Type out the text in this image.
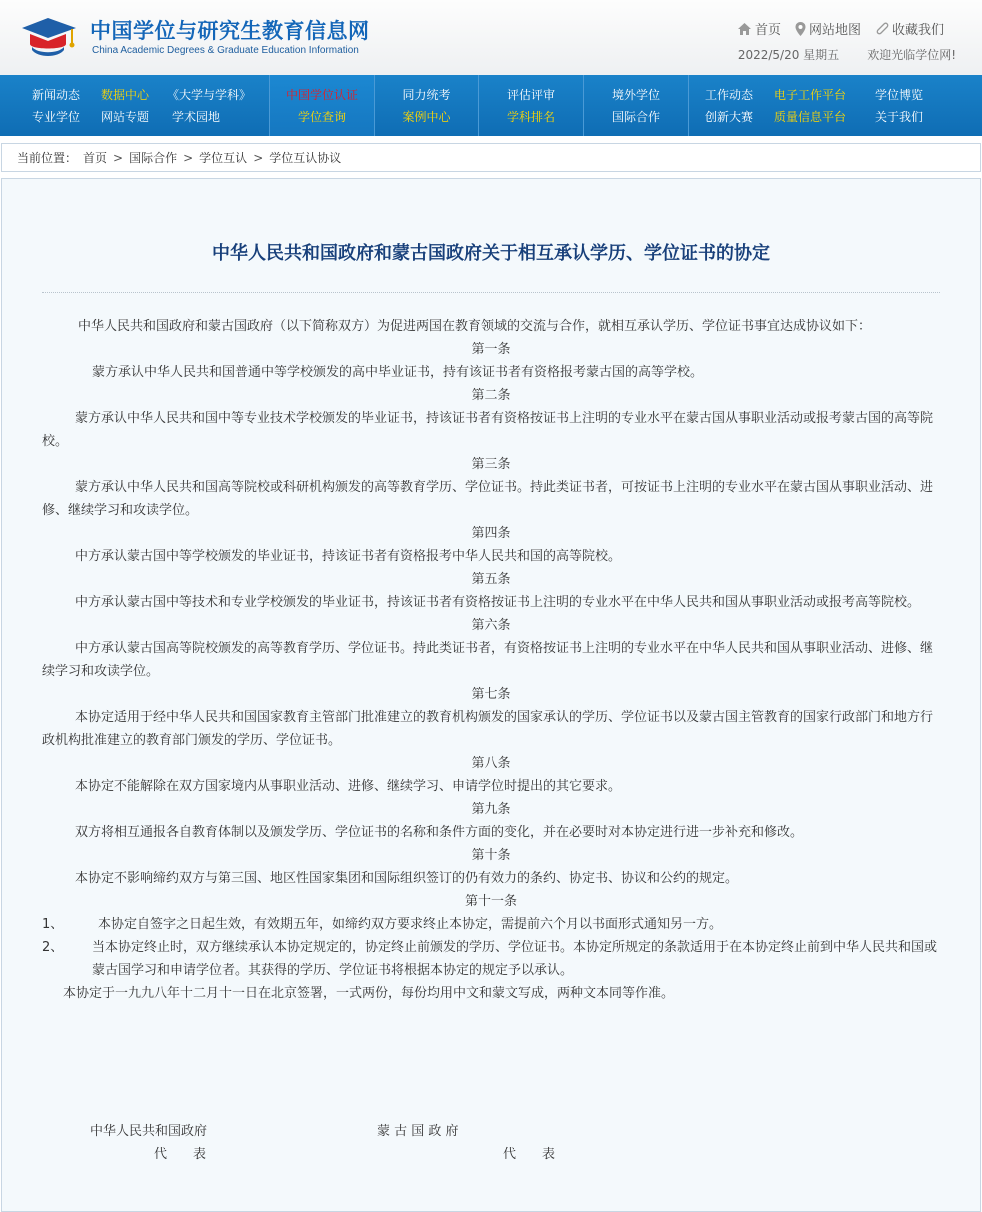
中国学位与研究生教育信息网
China Academic Degrees & Graduate Education Information
首页 网站地图 收藏我们
2022/5/20 星期五 欢迎光临学位网!
新闻动态	数据中心	《大学与学科》
专业学位	网站专题	学术园地
中国学位认证
学位查询
同力统考
案例中心
评估评审
学科排名
境外学位
国际合作
工作动态	电子工作平台	学位博览
创新大赛	质量信息平台	关于我们
当前位置： 首页 > 国际合作 > 学位互认 > 学位互认协议
中华人民共和国政府和蒙古国政府关于相互承认学历、学位证书的协定
中华人民共和国政府和蒙古国政府（以下简称双方）为促进两国在教育领域的交流与合作，就相互承认学历、学位证书事宜达成协议如下：
第一条
蒙方承认中华人民共和国普通中等学校颁发的高中毕业证书，持有该证书者有资格报考蒙古国的高等学校。
第二条
蒙方承认中华人民共和国中等专业技术学校颁发的毕业证书，持该证书者有资格按证书上注明的专业水平在蒙古国从事职业活动或报考蒙古国的高等院校。
第三条
蒙方承认中华人民共和国高等院校或科研机构颁发的高等教育学历、学位证书。持此类证书者，可按证书上注明的专业水平在蒙古国从事职业活动、进修、继续学习和攻读学位。
第四条
中方承认蒙古国中等学校颁发的毕业证书，持该证书者有资格报考中华人民共和国的高等院校。
第五条
中方承认蒙古国中等技术和专业学校颁发的毕业证书，持该证书者有资格按证书上注明的专业水平在中华人民共和国从事职业活动或报考高等院校。
第六条
中方承认蒙古国高等院校颁发的高等教育学历、学位证书。持此类证书者，有资格按证书上注明的专业水平在中华人民共和国从事职业活动、进修、继续学习和攻读学位。
第七条
本协定适用于经中华人民共和国国家教育主管部门批准建立的教育机构颁发的国家承认的学历、学位证书以及蒙古国主管教育的国家行政部门和地方行政机构批准建立的教育部门颁发的学历、学位证书。
第八条
本协定不能解除在双方国家境内从事职业活动、进修、继续学习、申请学位时提出的其它要求。
第九条
双方将相互通报各自教育体制以及颁发学历、学位证书的名称和条件方面的变化，并在必要时对本协定进行进一步补充和修改。
第十条
本协定不影响缔约双方与第三国、地区性国家集团和国际组织签订的仍有效力的条约、协定书、协议和公约的规定。
第十一条
1、	本协定自签字之日起生效，有效期五年，如缔约双方要求终止本协定，需提前六个月以书面形式通知另一方。
2、	当本协定终止时，双方继续承认本协定规定的，协定终止前颁发的学历、学位证书。本协定所规定的条款适用于在本协定终止前到中华人民共和国或蒙古国学习和申请学位者。其获得的学历、学位证书将根据本协定的规定予以承认。
本协定于一九九八年十二月十一日在北京签署，一式两份，每份均用中文和蒙文写成，两种文本同等作准。
中华人民共和国政府
代　　表
蒙 古 国 政 府
代　　表
